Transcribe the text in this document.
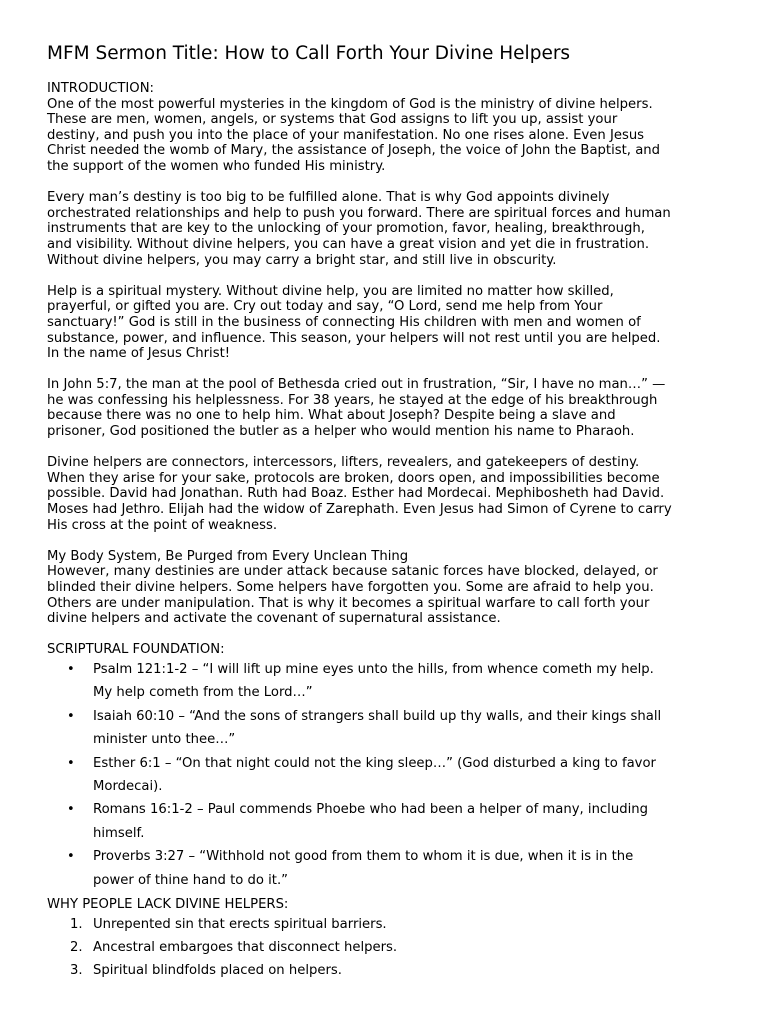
MFM Sermon Title: How to Call Forth Your Divine Helpers
INTRODUCTION:
One of the most powerful mysteries in the kingdom of God is the ministry of divine helpers.
These are men, women, angels, or systems that God assigns to lift you up, assist your
destiny, and push you into the place of your manifestation. No one rises alone. Even Jesus
Christ needed the womb of Mary, the assistance of Joseph, the voice of John the Baptist, and
the support of the women who funded His ministry.
Every man’s destiny is too big to be fulfilled alone. That is why God appoints divinely
orchestrated relationships and help to push you forward. There are spiritual forces and human
instruments that are key to the unlocking of your promotion, favor, healing, breakthrough,
and visibility. Without divine helpers, you can have a great vision and yet die in frustration.
Without divine helpers, you may carry a bright star, and still live in obscurity.
Help is a spiritual mystery. Without divine help, you are limited no matter how skilled,
prayerful, or gifted you are. Cry out today and say, “O Lord, send me help from Your
sanctuary!” God is still in the business of connecting His children with men and women of
substance, power, and influence. This season, your helpers will not rest until you are helped.
In the name of Jesus Christ!
In John 5:7, the man at the pool of Bethesda cried out in frustration, “Sir, I have no man…” —
he was confessing his helplessness. For 38 years, he stayed at the edge of his breakthrough
because there was no one to help him. What about Joseph? Despite being a slave and
prisoner, God positioned the butler as a helper who would mention his name to Pharaoh.
Divine helpers are connectors, intercessors, lifters, revealers, and gatekeepers of destiny.
When they arise for your sake, protocols are broken, doors open, and impossibilities become
possible. David had Jonathan. Ruth had Boaz. Esther had Mordecai. Mephibosheth had David.
Moses had Jethro. Elijah had the widow of Zarephath. Even Jesus had Simon of Cyrene to carry
His cross at the point of weakness.
My Body System, Be Purged from Every Unclean Thing
However, many destinies are under attack because satanic forces have blocked, delayed, or
blinded their divine helpers. Some helpers have forgotten you. Some are afraid to help you.
Others are under manipulation. That is why it becomes a spiritual warfare to call forth your
divine helpers and activate the covenant of supernatural assistance.
SCRIPTURAL FOUNDATION:
• Psalm 121:1-2 – “I will lift up mine eyes unto the hills, from whence cometh my help.
My help cometh from the Lord…”
• Isaiah 60:10 – “And the sons of strangers shall build up thy walls, and their kings shall
minister unto thee…”
• Esther 6:1 – “On that night could not the king sleep…” (God disturbed a king to favor
Mordecai).
• Romans 16:1-2 – Paul commends Phoebe who had been a helper of many, including
himself.
• Proverbs 3:27 – “Withhold not good from them to whom it is due, when it is in the
power of thine hand to do it.”
WHY PEOPLE LACK DIVINE HELPERS:
1. Unrepented sin that erects spiritual barriers.
2. Ancestral embargoes that disconnect helpers.
3. Spiritual blindfolds placed on helpers.
